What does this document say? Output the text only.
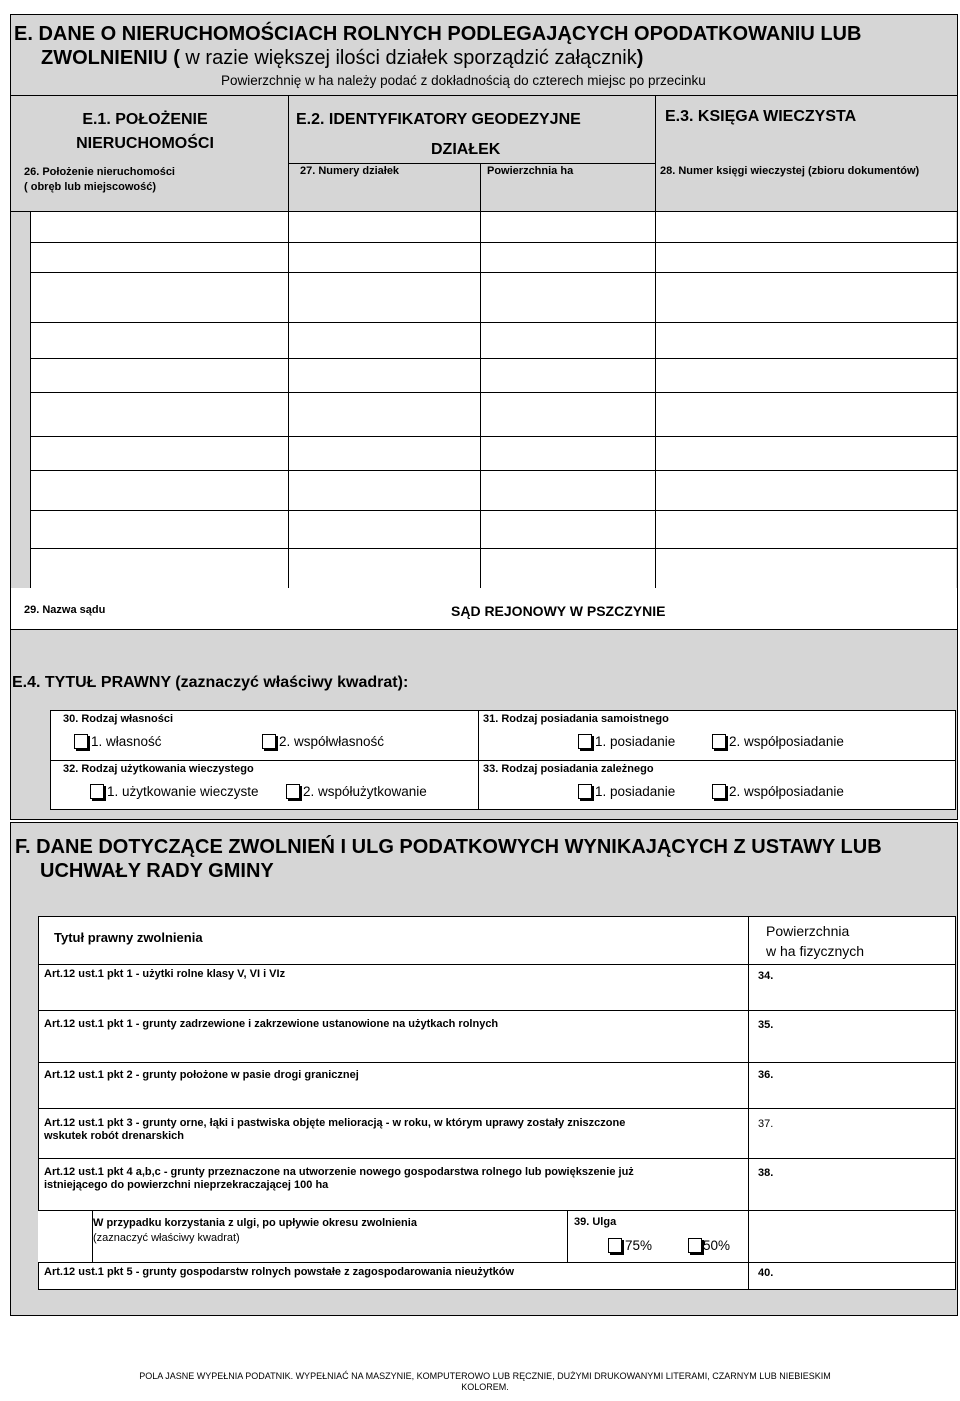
E. DANE O NIERUCHOMOŚCIACH ROLNYCH PODLEGAJĄCYCH OPODATKOWANIU LUB
ZWOLNIENIU ( w razie większej ilości działek sporządzić załącznik)
Powierzchnię w ha należy podać z dokładnością do czterech miejsc po przecinku
E.1. POŁOŻENIE
NIERUCHOMOŚCI
26. Położenie nieruchomości
( obręb lub miejscowość)
E.2. IDENTYFIKATORY GEODEZYJNE
DZIAŁEK
27. Numery działek	Powierzchnia ha
E.3. KSIĘGA WIECZYSTA
28. Numer księgi wieczystej (zbioru dokumentów)
29. Nazwa sądu	SĄD REJONOWY W PSZCZYNIE
E.4. TYTUŁ PRAWNY (zaznaczyć właściwy kwadrat):
30. Rodzaj własności
1. własność	2. współwłasność
31. Rodzaj posiadania samoistnego
1. posiadanie	2. współposiadanie
32. Rodzaj użytkowania wieczystego
1. użytkowanie wieczyste	2. współużytkowanie
33. Rodzaj posiadania zależnego
1. posiadanie	2. współposiadanie
F. DANE DOTYCZĄCE ZWOLNIEŃ I ULG PODATKOWYCH WYNIKAJĄCYCH Z USTAWY LUB
UCHWAŁY RADY GMINY
Tytuł prawny zwolnienia	Powierzchnia
w ha fizycznych
Art.12 ust.1 pkt 1 - użytki rolne klasy V, VI i VIz	34.
Art.12 ust.1 pkt 1 - grunty zadrzewione i zakrzewione ustanowione na użytkach rolnych	35.
Art.12 ust.1 pkt 2 - grunty położone w pasie drogi granicznej	36.
Art.12 ust.1 pkt 3 - grunty orne, łąki i pastwiska objęte melioracją - w roku, w którym uprawy zostały zniszczone
wskutek robót drenarskich
37.
Art.12 ust.1 pkt 4 a,b,c - grunty przeznaczone na utworzenie nowego gospodarstwa rolnego lub powiększenie już
istniejącego do powierzchni nieprzekraczającej 100 ha
38.
W przypadku korzystania z ulgi, po upływie okresu zwolnienia
(zaznaczyć właściwy kwadrat)
39. Ulga
75%	50%
Art.12 ust.1 pkt 5 - grunty gospodarstw rolnych powstałe z zagospodarowania nieużytków	40.
POLA JASNE WYPEŁNIA PODATNIK. WYPEŁNIAĆ NA MASZYNIE, KOMPUTEROWO LUB RĘCZNIE, DUŻYMI DRUKOWANYMI LITERAMI, CZARNYM LUB NIEBIESKIM
KOLOREM.
